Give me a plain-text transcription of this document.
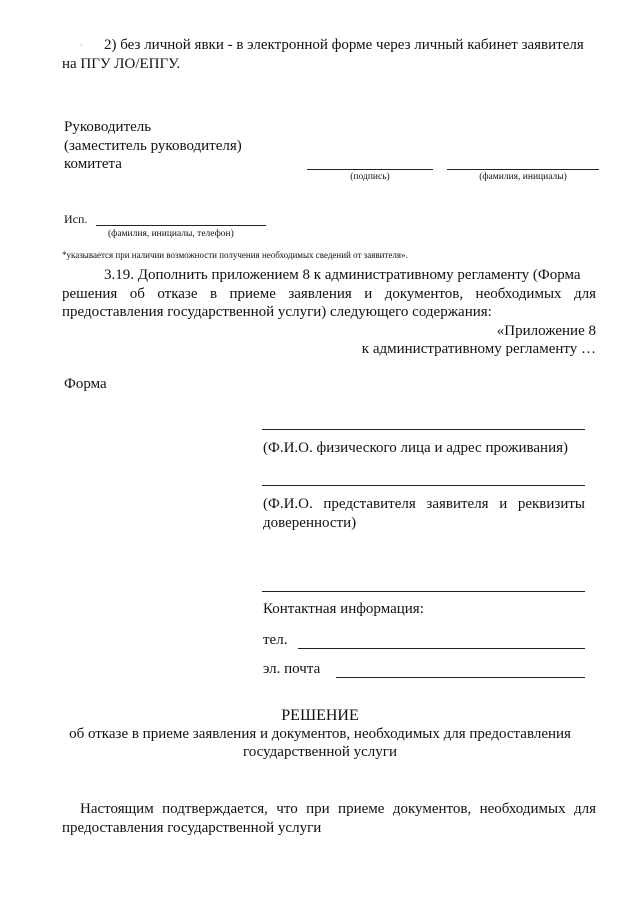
2) без личной явки - в электронной форме через личный кабинет заявителя
на ПГУ ЛО/ЕПГУ.
·
Руководитель
(заместитель руководителя)
комитета
(подпись)	(фамилия, инициалы)
Исп.
(фамилия, инициалы, телефон)
*указывается при наличии возможности получения необходимых сведений от заявителя».
3.19. Дополнить приложением 8 к административному регламенту (Форма
решения об отказе в приеме заявления и документов, необходимых для
предоставления государственной услуги) следующего содержания:
«Приложение 8
к административному регламенту …
Форма
(Ф.И.О. физического лица и адрес проживания)
(Ф.И.О. представителя заявителя и реквизиты
доверенности)
Контактная информация:
тел.
эл. почта
РЕШЕНИЕ
об отказе в приеме заявления и документов, необходимых для предоставления
государственной услуги
Настоящим подтверждается, что при приеме документов, необходимых для
предоставления государственной услуги
